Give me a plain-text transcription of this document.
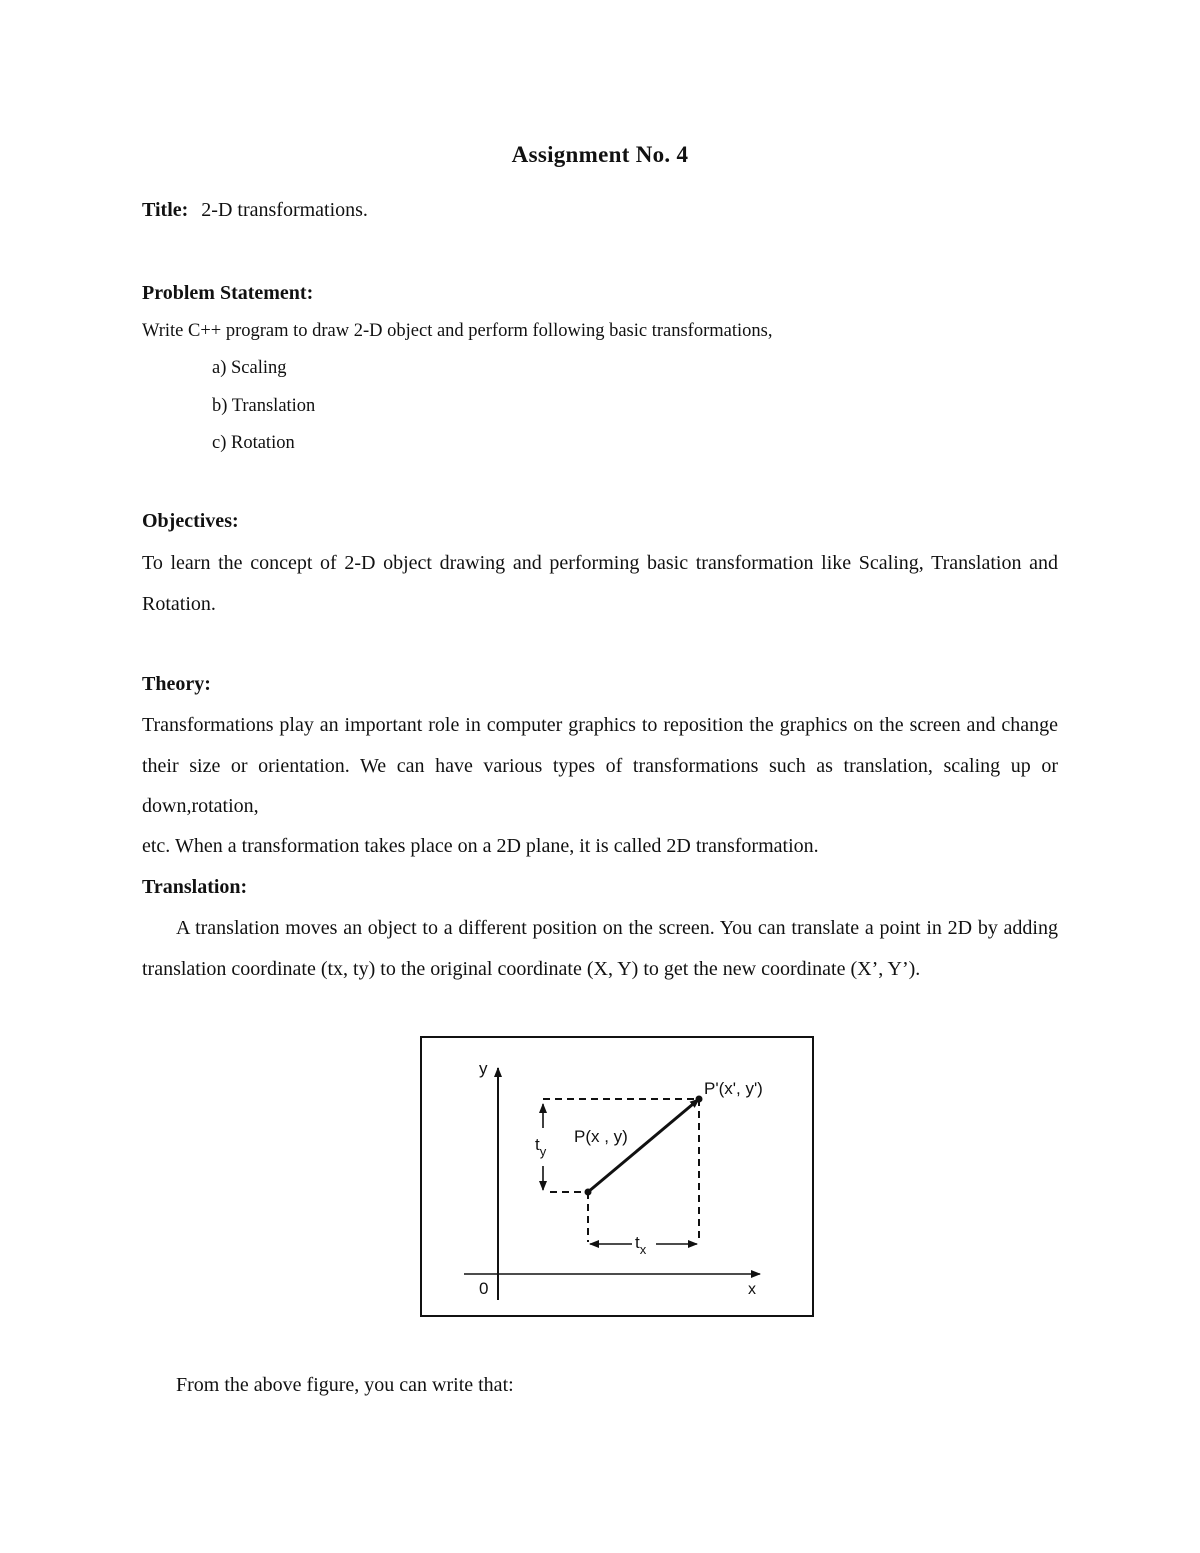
Assignment No. 4
Title: 2-D transformations.
Problem Statement:
Write C++ program to draw 2-D object and perform following basic transformations,
a) Scaling
b) Translation
c) Rotation
Objectives:
To learn the concept of 2-D object drawing and performing basic transformation like Scaling, Translation and Rotation.
Theory:
Transformations play an important role in computer graphics to reposition the graphics on the screen and change their size or orientation. We can have various types of transformations such as translation, scaling up or down,rotation,
etc. When a transformation takes place on a 2D plane, it is called 2D transformation.
Translation:
A translation moves an object to a different position on the screen. You can translate a point in 2D by adding translation coordinate (tx, ty) to the original coordinate (X, Y) to get the new coordinate (X’, Y’).
y
x
0
P(x , y)
P'(x', y')
$t_y$
$t_x$
From the above figure, you can write that:
